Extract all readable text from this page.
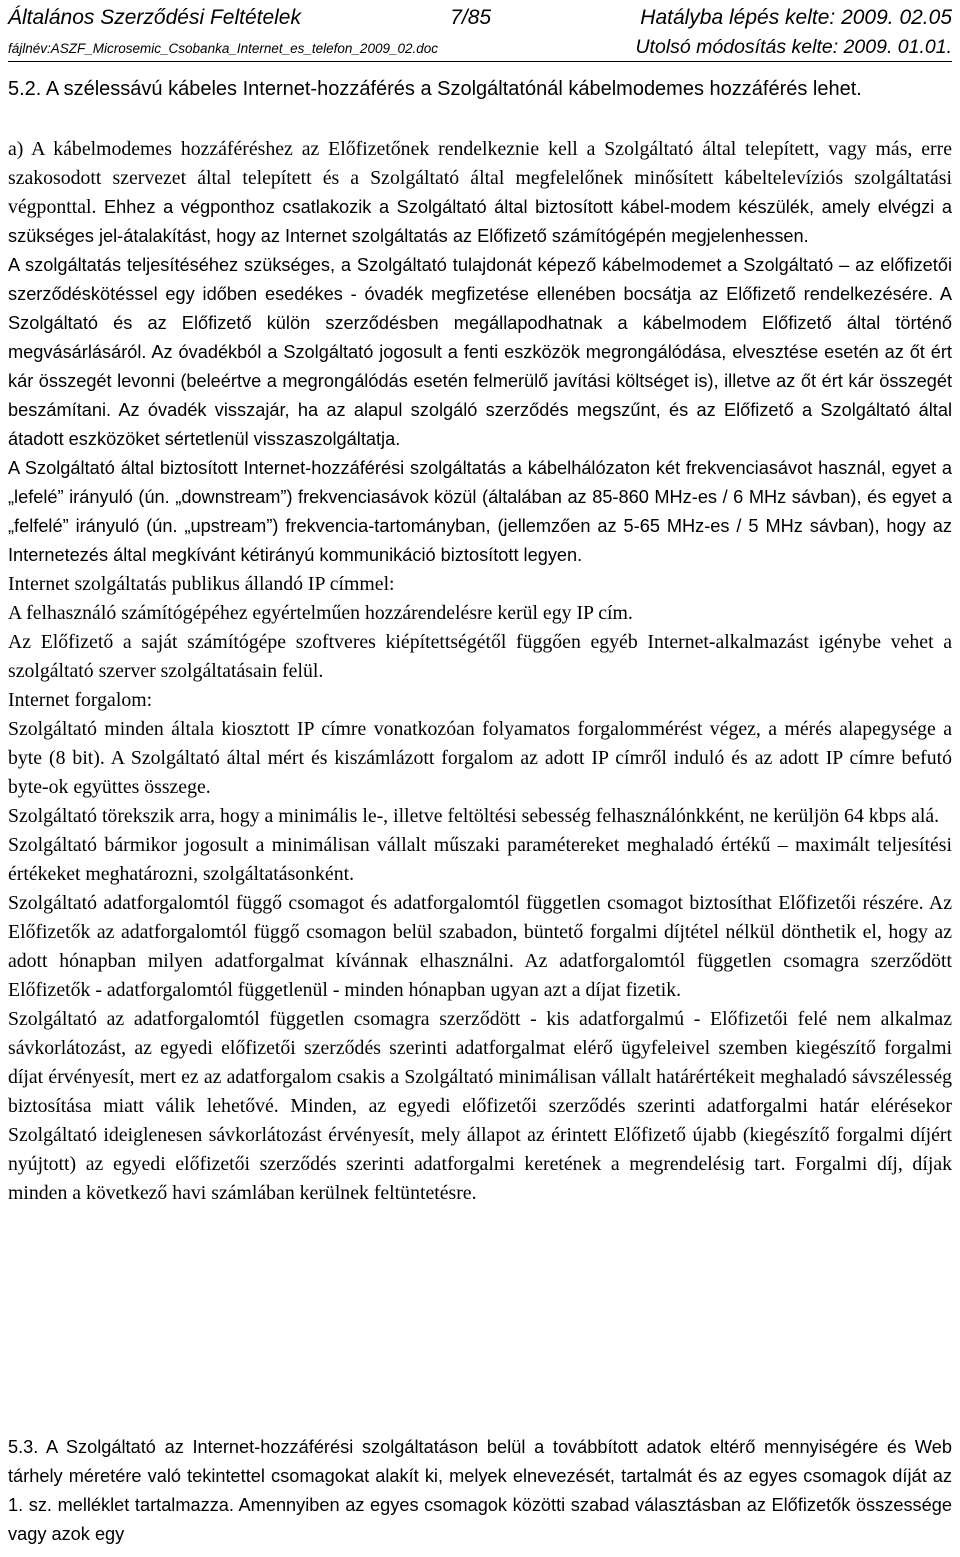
Általános Szerződési Feltételek	7/85	Hatályba lépés kelte: 2009. 02.05
fájlnév:ASZF_Microsemic_Csobanka_Internet_es_telefon_2009_02.doc	Utolsó módosítás kelte: 2009. 01.01.
5.2. A szélessávú kábeles Internet-hozzáférés a Szolgáltatónál kábelmodemes hozzáférés lehet.

a) A kábelmodemes hozzáféréshez az Előfizetőnek rendelkeznie kell a Szolgáltató által telepített, vagy más, erre szakosodott szervezet által telepített és a Szolgáltató által megfelelőnek minősített kábeltelevíziós szolgáltatási végponttal. Ehhez a végponthoz csatlakozik a Szolgáltató által biztosított kábel-modem készülék, amely elvégzi a szükséges jel-átalakítást, hogy az Internet szolgáltatás az Előfizető számítógépén megjelenhessen.

A szolgáltatás teljesítéséhez szükséges, a Szolgáltató tulajdonát képező kábelmodemet a Szolgáltató – az előfizetői szerződéskötéssel egy időben esedékes - óvadék megfizetése ellenében bocsátja az Előfizető rendelkezésére. A Szolgáltató és az Előfizető külön szerződésben megállapodhatnak a kábelmodem Előfizető által történő megvásárlásáról. Az óvadékból a Szolgáltató jogosult a fenti eszközök megrongálódása, elvesztése esetén az őt ért kár összegét levonni (beleértve a megrongálódás esetén felmerülő javítási költséget is), illetve az őt ért kár összegét beszámítani. Az óvadék visszajár, ha az alapul szolgáló szerződés megszűnt, és az Előfizető a Szolgáltató által átadott eszközöket sértetlenül visszaszolgáltatja.

A Szolgáltató által biztosított Internet-hozzáférési szolgáltatás a kábelhálózaton két frekvenciasávot használ, egyet a „lefelé” irányuló (ún. „downstream”) frekvenciasávok közül (általában az 85-860 MHz-es / 6 MHz sávban), és egyet a „felfelé” irányuló (ún. „upstream”) frekvencia-tartományban, (jellemzően az 5-65 MHz-es / 5 MHz sávban), hogy az Internetezés által megkívánt kétirányú kommunikáció biztosított legyen.

Internet szolgáltatás publikus állandó IP címmel:

A felhasználó számítógépéhez egyértelműen hozzárendelésre kerül egy IP cím.

Az Előfizető a saját számítógépe szoftveres kiépítettségétől függően egyéb Internet-alkalmazást igénybe vehet a szolgáltató szerver szolgáltatásain felül.

Internet forgalom:

Szolgáltató minden általa kiosztott IP címre vonatkozóan folyamatos forgalommérést végez, a mérés alapegysége a byte (8 bit). A Szolgáltató által mért és kiszámlázott forgalom az adott IP címről induló és az adott IP címre befutó byte-ok együttes összege.

Szolgáltató törekszik arra, hogy a minimális le-, illetve feltöltési sebesség felhasználónkként, ne kerüljön 64 kbps alá.

Szolgáltató bármikor jogosult a minimálisan vállalt műszaki paramétereket meghaladó értékű – maximált teljesítési értékeket meghatározni, szolgáltatásonként.

Szolgáltató adatforgalomtól függő csomagot és adatforgalomtól független csomagot biztosíthat Előfizetői részére. Az Előfizetők az adatforgalomtól függő csomagon belül szabadon, büntető forgalmi díjtétel nélkül dönthetik el, hogy az adott hónapban milyen adatforgalmat kívánnak elhasználni. Az adatforgalomtól független csomagra szerződött Előfizetők - adatforgalomtól függetlenül - minden hónapban ugyan azt a díjat fizetik.

Szolgáltató az adatforgalomtól független csomagra szerződött - kis adatforgalmú - Előfizetői felé nem alkalmaz sávkorlátozást, az egyedi előfizetői szerződés szerinti adatforgalmat elérő ügyfeleivel szemben kiegészítő forgalmi díjat érvényesít, mert ez az adatforgalom csakis a Szolgáltató minimálisan vállalt határértékeit meghaladó sávszélesség biztosítása miatt válik lehetővé. Minden, az egyedi előfizetői szerződés szerinti adatforgalmi határ elérésekor Szolgáltató ideiglenesen sávkorlátozást érvényesít, mely állapot az érintett Előfizető újabb (kiegészítő forgalmi díjért nyújtott) az egyedi előfizetői szerződés szerinti adatforgalmi keretének a megrendelésig tart. Forgalmi díj, díjak minden a következő havi számlában kerülnek feltüntetésre.

5.3. A Szolgáltató az Internet-hozzáférési szolgáltatáson belül a továbbított adatok eltérő mennyiségére és Web tárhely méretére való tekintettel csomagokat alakít ki, melyek elnevezését, tartalmát és az egyes csomagok díját az 1. sz. melléklet tartalmazza. Amennyiben az egyes csomagok közötti szabad választásban az Előfizetők összessége vagy azok egy
